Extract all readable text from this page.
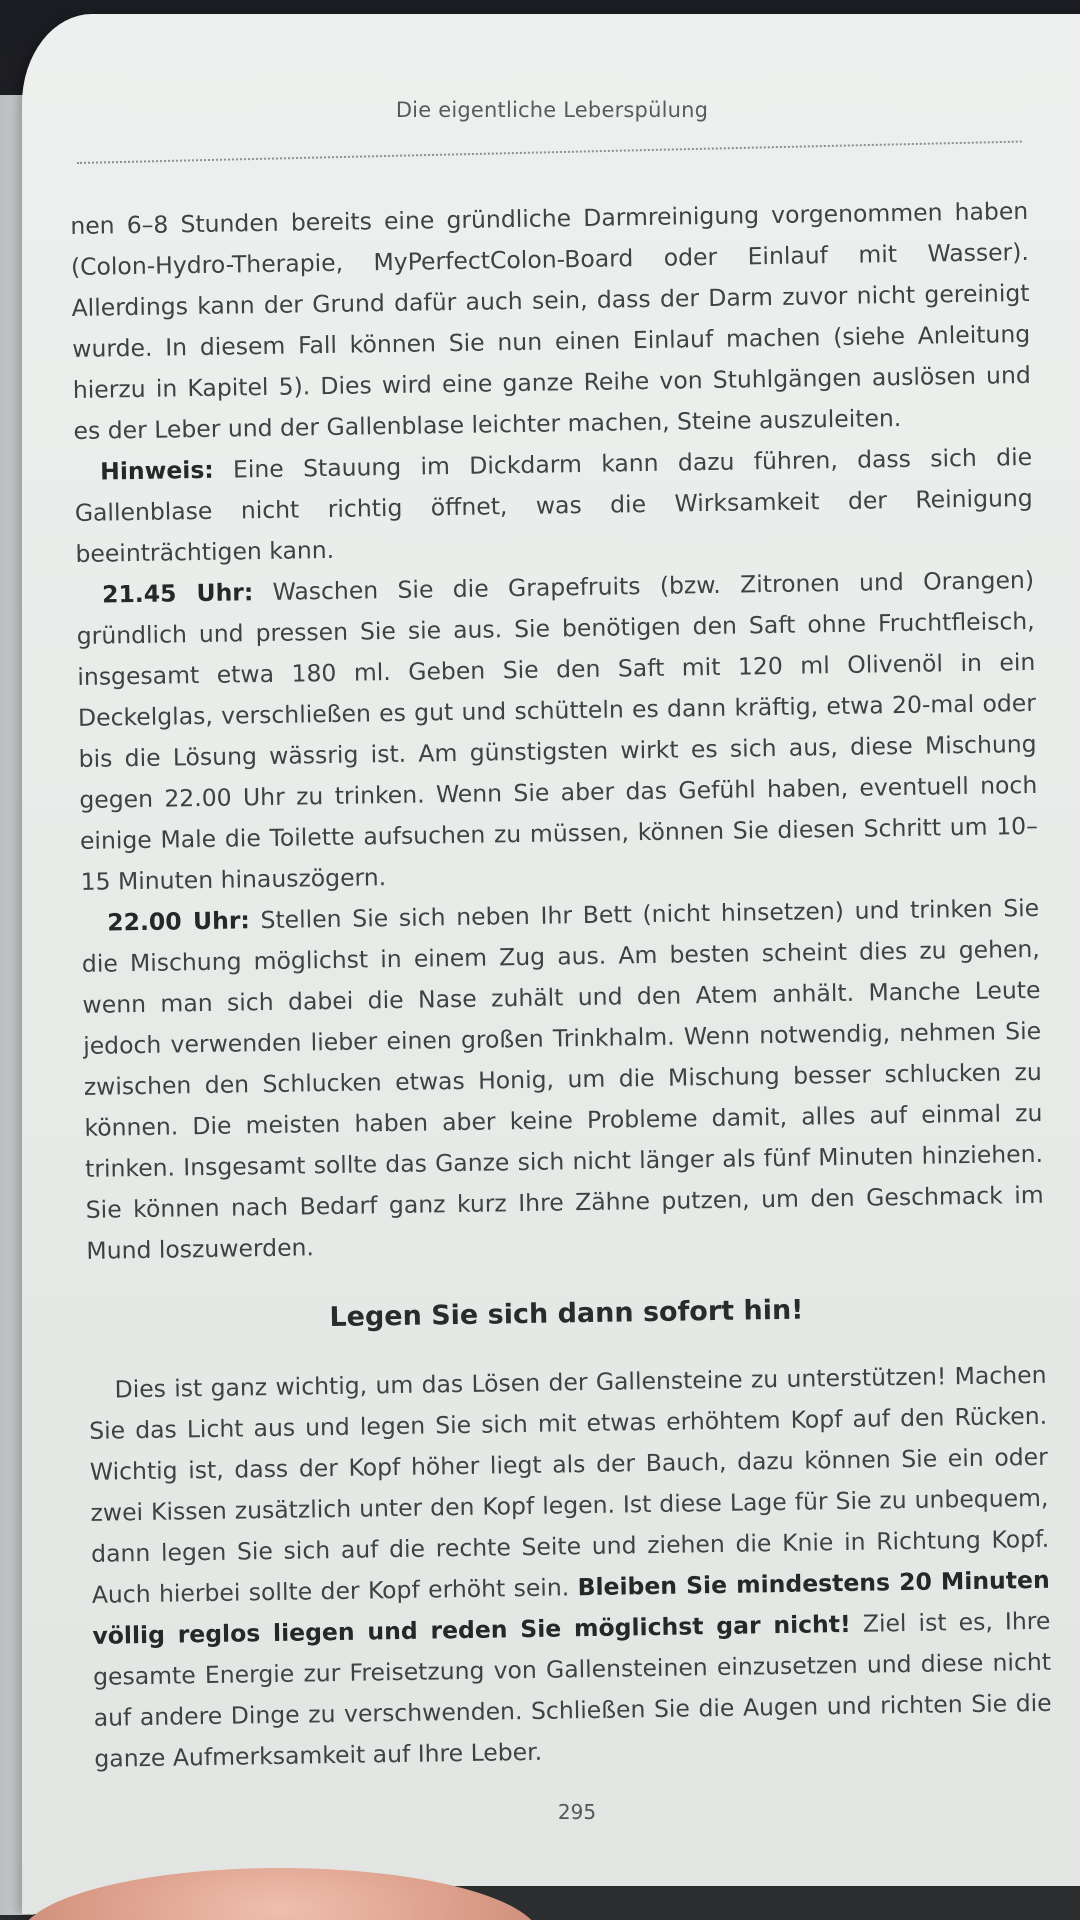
Die eigentliche Leberspülung

nen 6–8 Stunden bereits eine gründliche Darmreinigung vorgenommen haben (Colon-Hydro-Therapie, MyPerfectColon-Board oder Einlauf mit Wasser). Allerdings kann der Grund dafür auch sein, dass der Darm zuvor nicht gereinigt wurde. In diesem Fall können Sie nun einen Einlauf machen (siehe Anleitung hierzu in Kapitel 5). Dies wird eine ganze Reihe von Stuhlgängen auslösen und es der Leber und der Gallenblase leichter machen, Steine auszuleiten.

Hinweis: Eine Stauung im Dickdarm kann dazu führen, dass sich die Gallenblase nicht richtig öffnet, was die Wirksamkeit der Reinigung beeinträchtigen kann.

21.45 Uhr: Waschen Sie die Grapefruits (bzw. Zitronen und Orangen) gründlich und pressen Sie sie aus. Sie benötigen den Saft ohne Fruchtfleisch, insgesamt etwa 180 ml. Geben Sie den Saft mit 120 ml Olivenöl in ein Deckelglas, verschließen es gut und schütteln es dann kräftig, etwa 20-mal oder bis die Lösung wässrig ist. Am günstigsten wirkt es sich aus, diese Mischung gegen 22.00 Uhr zu trinken. Wenn Sie aber das Gefühl haben, eventuell noch einige Male die Toilette aufsuchen zu müssen, können Sie diesen Schritt um 10–15 Minuten hinauszögern.

22.00 Uhr: Stellen Sie sich neben Ihr Bett (nicht hinsetzen) und trinken Sie die Mischung möglichst in einem Zug aus. Am besten scheint dies zu gehen, wenn man sich dabei die Nase zuhält und den Atem anhält. Manche Leute jedoch verwenden lieber einen großen Trinkhalm. Wenn notwendig, nehmen Sie zwischen den Schlucken etwas Honig, um die Mischung besser schlucken zu können. Die meisten haben aber keine Probleme damit, alles auf einmal zu trinken. Insgesamt sollte das Ganze sich nicht länger als fünf Minuten hinziehen. Sie können nach Bedarf ganz kurz Ihre Zähne putzen, um den Geschmack im Mund loszuwerden.

Legen Sie sich dann sofort hin!

Dies ist ganz wichtig, um das Lösen der Gallensteine zu unterstützen! Machen Sie das Licht aus und legen Sie sich mit etwas erhöhtem Kopf auf den Rücken. Wichtig ist, dass der Kopf höher liegt als der Bauch, dazu können Sie ein oder zwei Kissen zusätzlich unter den Kopf legen. Ist diese Lage für Sie zu unbequem, dann legen Sie sich auf die rechte Seite und ziehen die Knie in Richtung Kopf. Auch hierbei sollte der Kopf erhöht sein. Bleiben Sie mindestens 20 Minuten völlig reglos liegen und reden Sie möglichst gar nicht! Ziel ist es, Ihre gesamte Energie zur Freisetzung von Gallensteinen einzusetzen und diese nicht auf andere Dinge zu verschwenden. Schließen Sie die Augen und richten Sie die ganze Aufmerksamkeit auf Ihre Leber.

295
